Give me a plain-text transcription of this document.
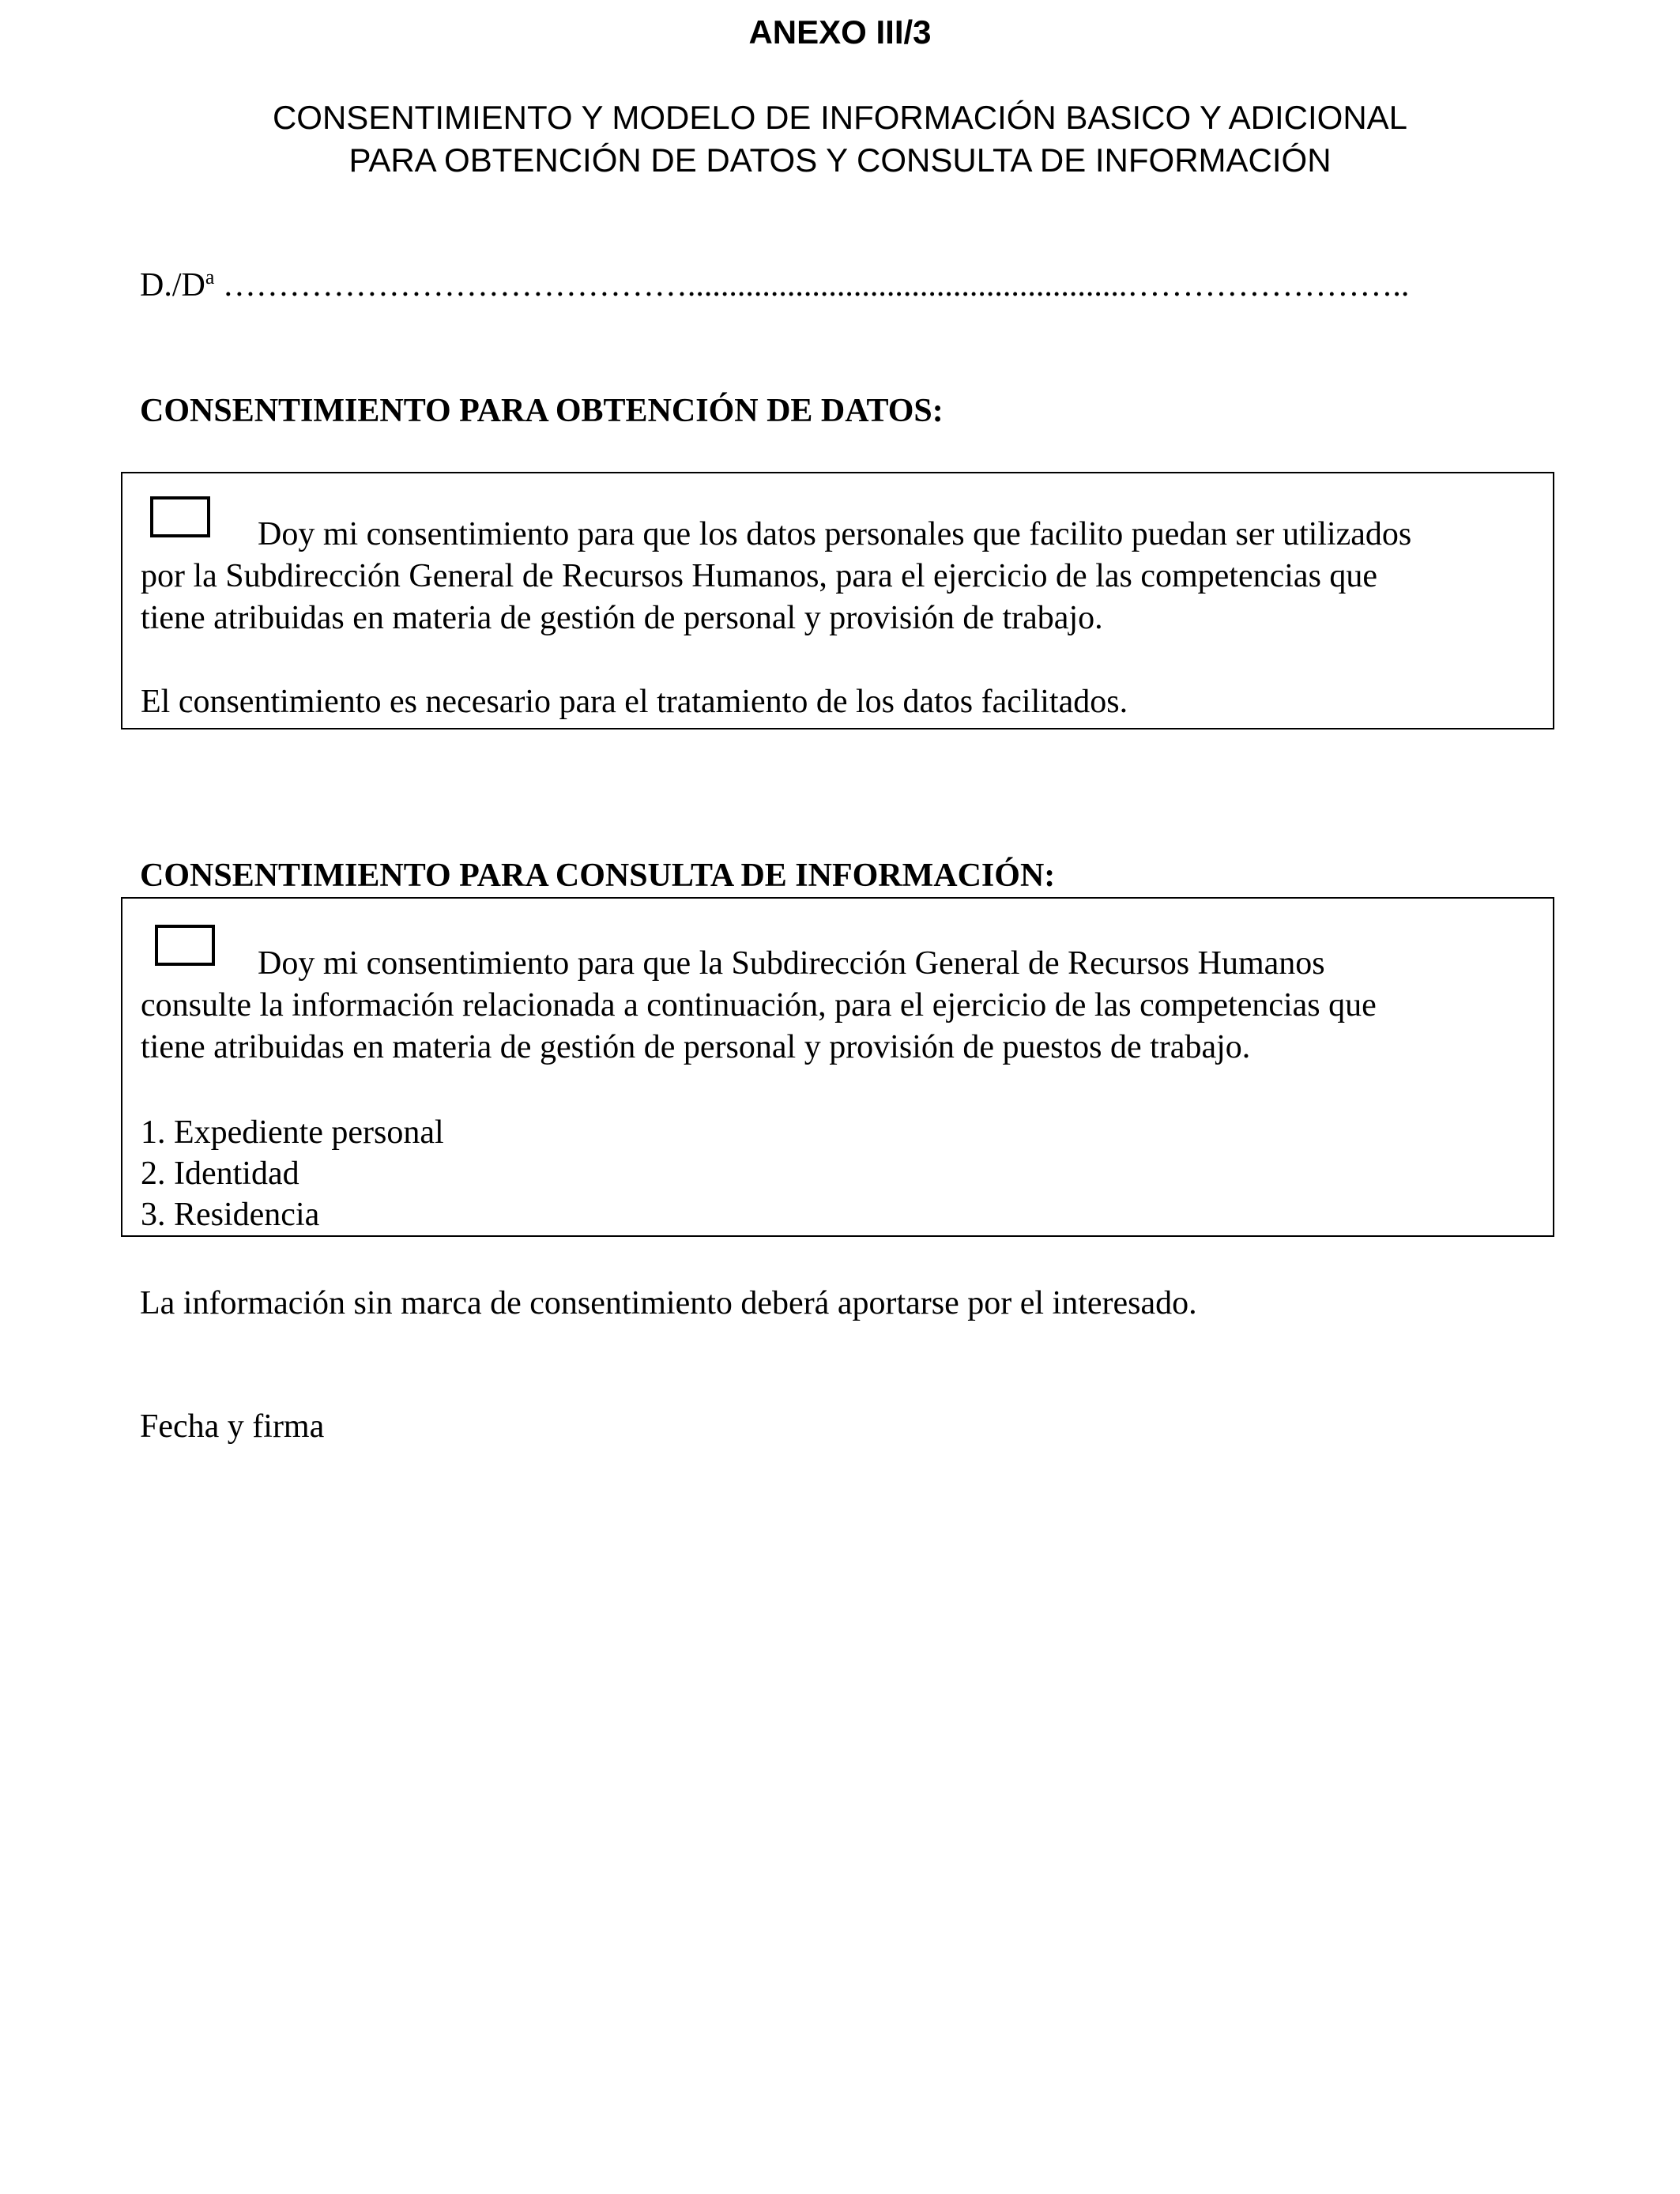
ANEXO III/3
CONSENTIMIENTO Y MODELO DE INFORMACIÓN BASICO Y ADICIONAL
PARA OBTENCIÓN DE DATOS Y CONSULTA DE INFORMACIÓN
$D./D^a$ …………………………………….....................................................……………………..
CONSENTIMIENTO PARA OBTENCIÓN DE DATOS:
Doy mi consentimiento para que los datos personales que facilito puedan ser utilizados
por la Subdirección General de Recursos Humanos, para el ejercicio de las competencias que
tiene atribuidas en materia de gestión de personal y provisión de trabajo.
El consentimiento es necesario para el tratamiento de los datos facilitados.
CONSENTIMIENTO PARA CONSULTA DE INFORMACIÓN:
Doy mi consentimiento para que la Subdirección General de Recursos Humanos
consulte la información relacionada a continuación, para el ejercicio de las competencias que
tiene atribuidas en materia de gestión de personal y provisión de puestos de trabajo.
1. Expediente personal
2. Identidad
3. Residencia
La información sin marca de consentimiento deberá aportarse por el interesado.
Fecha y firma
